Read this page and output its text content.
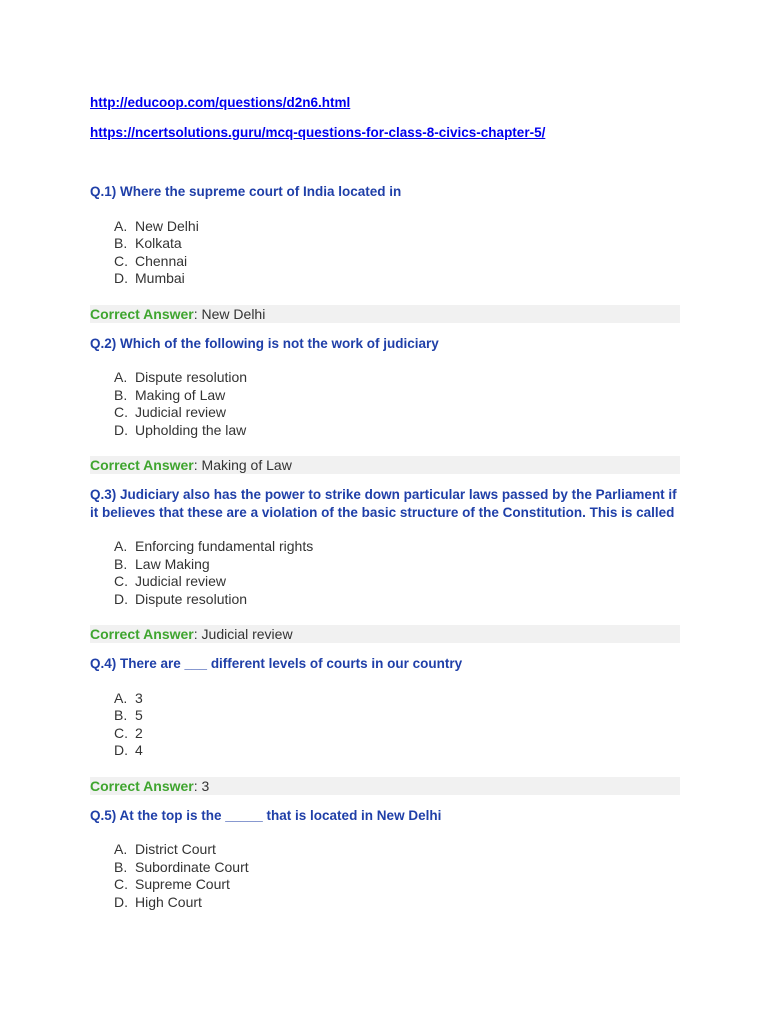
http://educoop.com/questions/d2n6.html
https://ncertsolutions.guru/mcq-questions-for-class-8-civics-chapter-5/

Q.1) Where the supreme court of India located in

A. New Delhi
B. Kolkata
C. Chennai
D. Mumbai
Correct Answer: New Delhi

Q.2) Which of the following is not the work of judiciary

A. Dispute resolution
B. Making of Law
C. Judicial review
D. Upholding the law
Correct Answer: Making of Law

Q.3) Judiciary also has the power to strike down particular laws passed by the Parliament if it believes that these are a violation of the basic structure of the Constitution. This is called

A. Enforcing fundamental rights
B. Law Making
C. Judicial review
D. Dispute resolution
Correct Answer: Judicial review

Q.4) There are ___ different levels of courts in our country

A. 3
B. 5
C. 2
D. 4
Correct Answer: 3

Q.5) At the top is the _____ that is located in New Delhi

A. District Court
B. Subordinate Court
C. Supreme Court
D. High Court
